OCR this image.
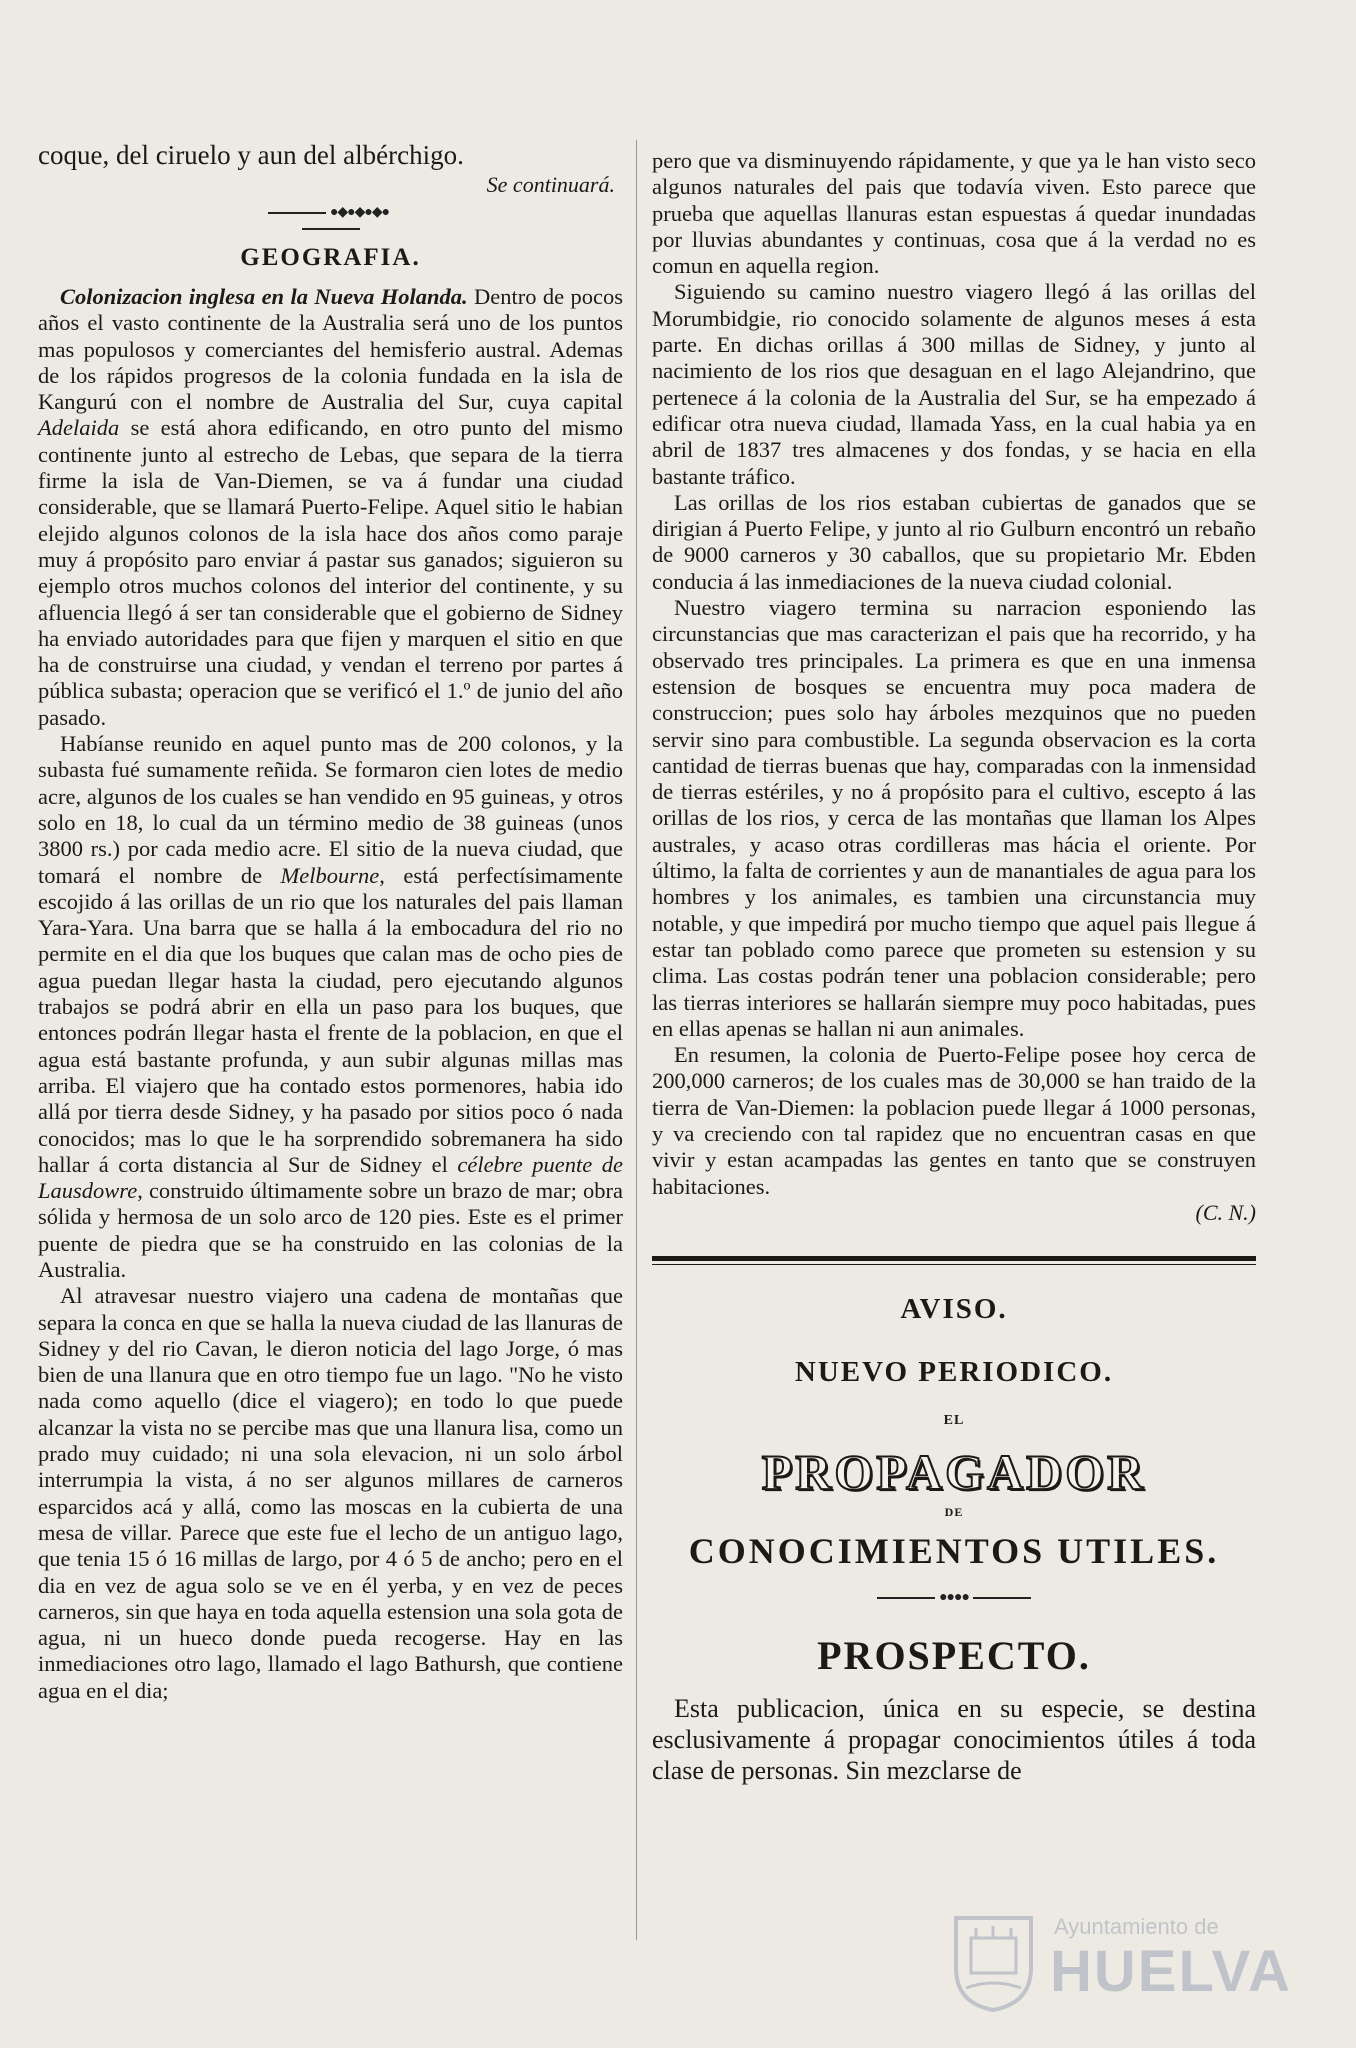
coque, del ciruelo y aun del albérchigo.

Se continuará.
●◆●◆●◆●
GEOGRAFIA.

Colonizacion inglesa en la Nueva Holanda. Dentro de pocos años el vasto continente de la Australia será uno de los puntos mas populosos y comerciantes del hemisferio austral. Ademas de los rápidos progresos de la colonia fundada en la isla de Kangurú con el nombre de Australia del Sur, cuya capital Adelaida se está ahora edificando, en otro punto del mismo continente junto al estrecho de Lebas, que separa de la tierra firme la isla de Van-Diemen, se va á fundar una ciudad considerable, que se llamará Puerto-Felipe. Aquel sitio le habian elejido algunos colonos de la isla hace dos años como paraje muy á propósito paro enviar á pastar sus ganados; siguieron su ejemplo otros muchos colonos del interior del continente, y su afluencia llegó á ser tan considerable que el gobierno de Sidney ha enviado autoridades para que fijen y marquen el sitio en que ha de construirse una ciudad, y vendan el terreno por partes á pública subasta; operacion que se verificó el 1.º de junio del año pasado.

Habíanse reunido en aquel punto mas de 200 colonos, y la subasta fué sumamente reñida. Se formaron cien lotes de medio acre, algunos de los cuales se han vendido en 95 guineas, y otros solo en 18, lo cual da un término medio de 38 guineas (unos 3800 rs.) por cada medio acre. El sitio de la nueva ciudad, que tomará el nombre de Melbourne, está perfectísimamente escojido á las orillas de un rio que los naturales del pais llaman Yara-Yara. Una barra que se halla á la embocadura del rio no permite en el dia que los buques que calan mas de ocho pies de agua puedan llegar hasta la ciudad, pero ejecutando algunos trabajos se podrá abrir en ella un paso para los buques, que entonces podrán llegar hasta el frente de la poblacion, en que el agua está bastante profunda, y aun subir algunas millas mas arriba. El viajero que ha contado estos pormenores, habia ido allá por tierra desde Sidney, y ha pasado por sitios poco ó nada conocidos; mas lo que le ha sorprendido sobremanera ha sido hallar á corta distancia al Sur de Sidney el célebre puente de Lausdowre, construido últimamente sobre un brazo de mar; obra sólida y hermosa de un solo arco de 120 pies. Este es el primer puente de piedra que se ha construido en las colonias de la Australia.

Al atravesar nuestro viajero una cadena de montañas que separa la conca en que se halla la nueva ciudad de las llanuras de Sidney y del rio Cavan, le dieron noticia del lago Jorge, ó mas bien de una llanura que en otro tiempo fue un lago. "No he visto nada como aquello (dice el viagero); en todo lo que puede alcanzar la vista no se percibe mas que una llanura lisa, como un prado muy cuidado; ni una sola elevacion, ni un solo árbol interrumpia la vista, á no ser algunos millares de carneros esparcidos acá y allá, como las moscas en la cubierta de una mesa de villar. Parece que este fue el lecho de un antiguo lago, que tenia 15 ó 16 millas de largo, por 4 ó 5 de ancho; pero en el dia en vez de agua solo se ve en él yerba, y en vez de peces carneros, sin que haya en toda aquella estension una sola gota de agua, ni un hueco donde pueda recogerse. Hay en las inmediaciones otro lago, llamado el lago Bathursh, que contiene agua en el dia;

pero que va disminuyendo rápidamente, y que ya le han visto seco algunos naturales del pais que todavía viven. Esto parece que prueba que aquellas llanuras estan espuestas á quedar inundadas por lluvias abundantes y continuas, cosa que á la verdad no es comun en aquella region.

Siguiendo su camino nuestro viagero llegó á las orillas del Morumbidgie, rio conocido solamente de algunos meses á esta parte. En dichas orillas á 300 millas de Sidney, y junto al nacimiento de los rios que desaguan en el lago Alejandrino, que pertenece á la colonia de la Australia del Sur, se ha empezado á edificar otra nueva ciudad, llamada Yass, en la cual habia ya en abril de 1837 tres almacenes y dos fondas, y se hacia en ella bastante tráfico.

Las orillas de los rios estaban cubiertas de ganados que se dirigian á Puerto Felipe, y junto al rio Gulburn encontró un rebaño de 9000 carneros y 30 caballos, que su propietario Mr. Ebden conducia á las inmediaciones de la nueva ciudad colonial.

Nuestro viagero termina su narracion esponiendo las circunstancias que mas caracterizan el pais que ha recorrido, y ha observado tres principales. La primera es que en una inmensa estension de bosques se encuentra muy poca madera de construccion; pues solo hay árboles mezquinos que no pueden servir sino para combustible. La segunda observacion es la corta cantidad de tierras buenas que hay, comparadas con la inmensidad de tierras estériles, y no á propósito para el cultivo, escepto á las orillas de los rios, y cerca de las montañas que llaman los Alpes australes, y acaso otras cordilleras mas hácia el oriente. Por último, la falta de corrientes y aun de manantiales de agua para los hombres y los animales, es tambien una circunstancia muy notable, y que impedirá por mucho tiempo que aquel pais llegue á estar tan poblado como parece que prometen su estension y su clima. Las costas podrán tener una poblacion considerable; pero las tierras interiores se hallarán siempre muy poco habitadas, pues en ellas apenas se hallan ni aun animales.

En resumen, la colonia de Puerto-Felipe posee hoy cerca de 200,000 carneros; de los cuales mas de 30,000 se han traido de la tierra de Van-Diemen: la poblacion puede llegar á 1000 personas, y va creciendo con tal rapidez que no encuentran casas en que vivir y estan acampadas las gentes en tanto que se construyen habitaciones.

(C. N.)
AVISO.
NUEVO PERIODICO.
EL
PROPAGADOR
DE
CONOCIMIENTOS UTILES.
●●●●
PROSPECTO.

Esta publicacion, única en su especie, se destina esclusivamente á propagar conocimientos útiles á toda clase de personas. Sin mezclarse de

Ayuntamiento de
HUELVA
